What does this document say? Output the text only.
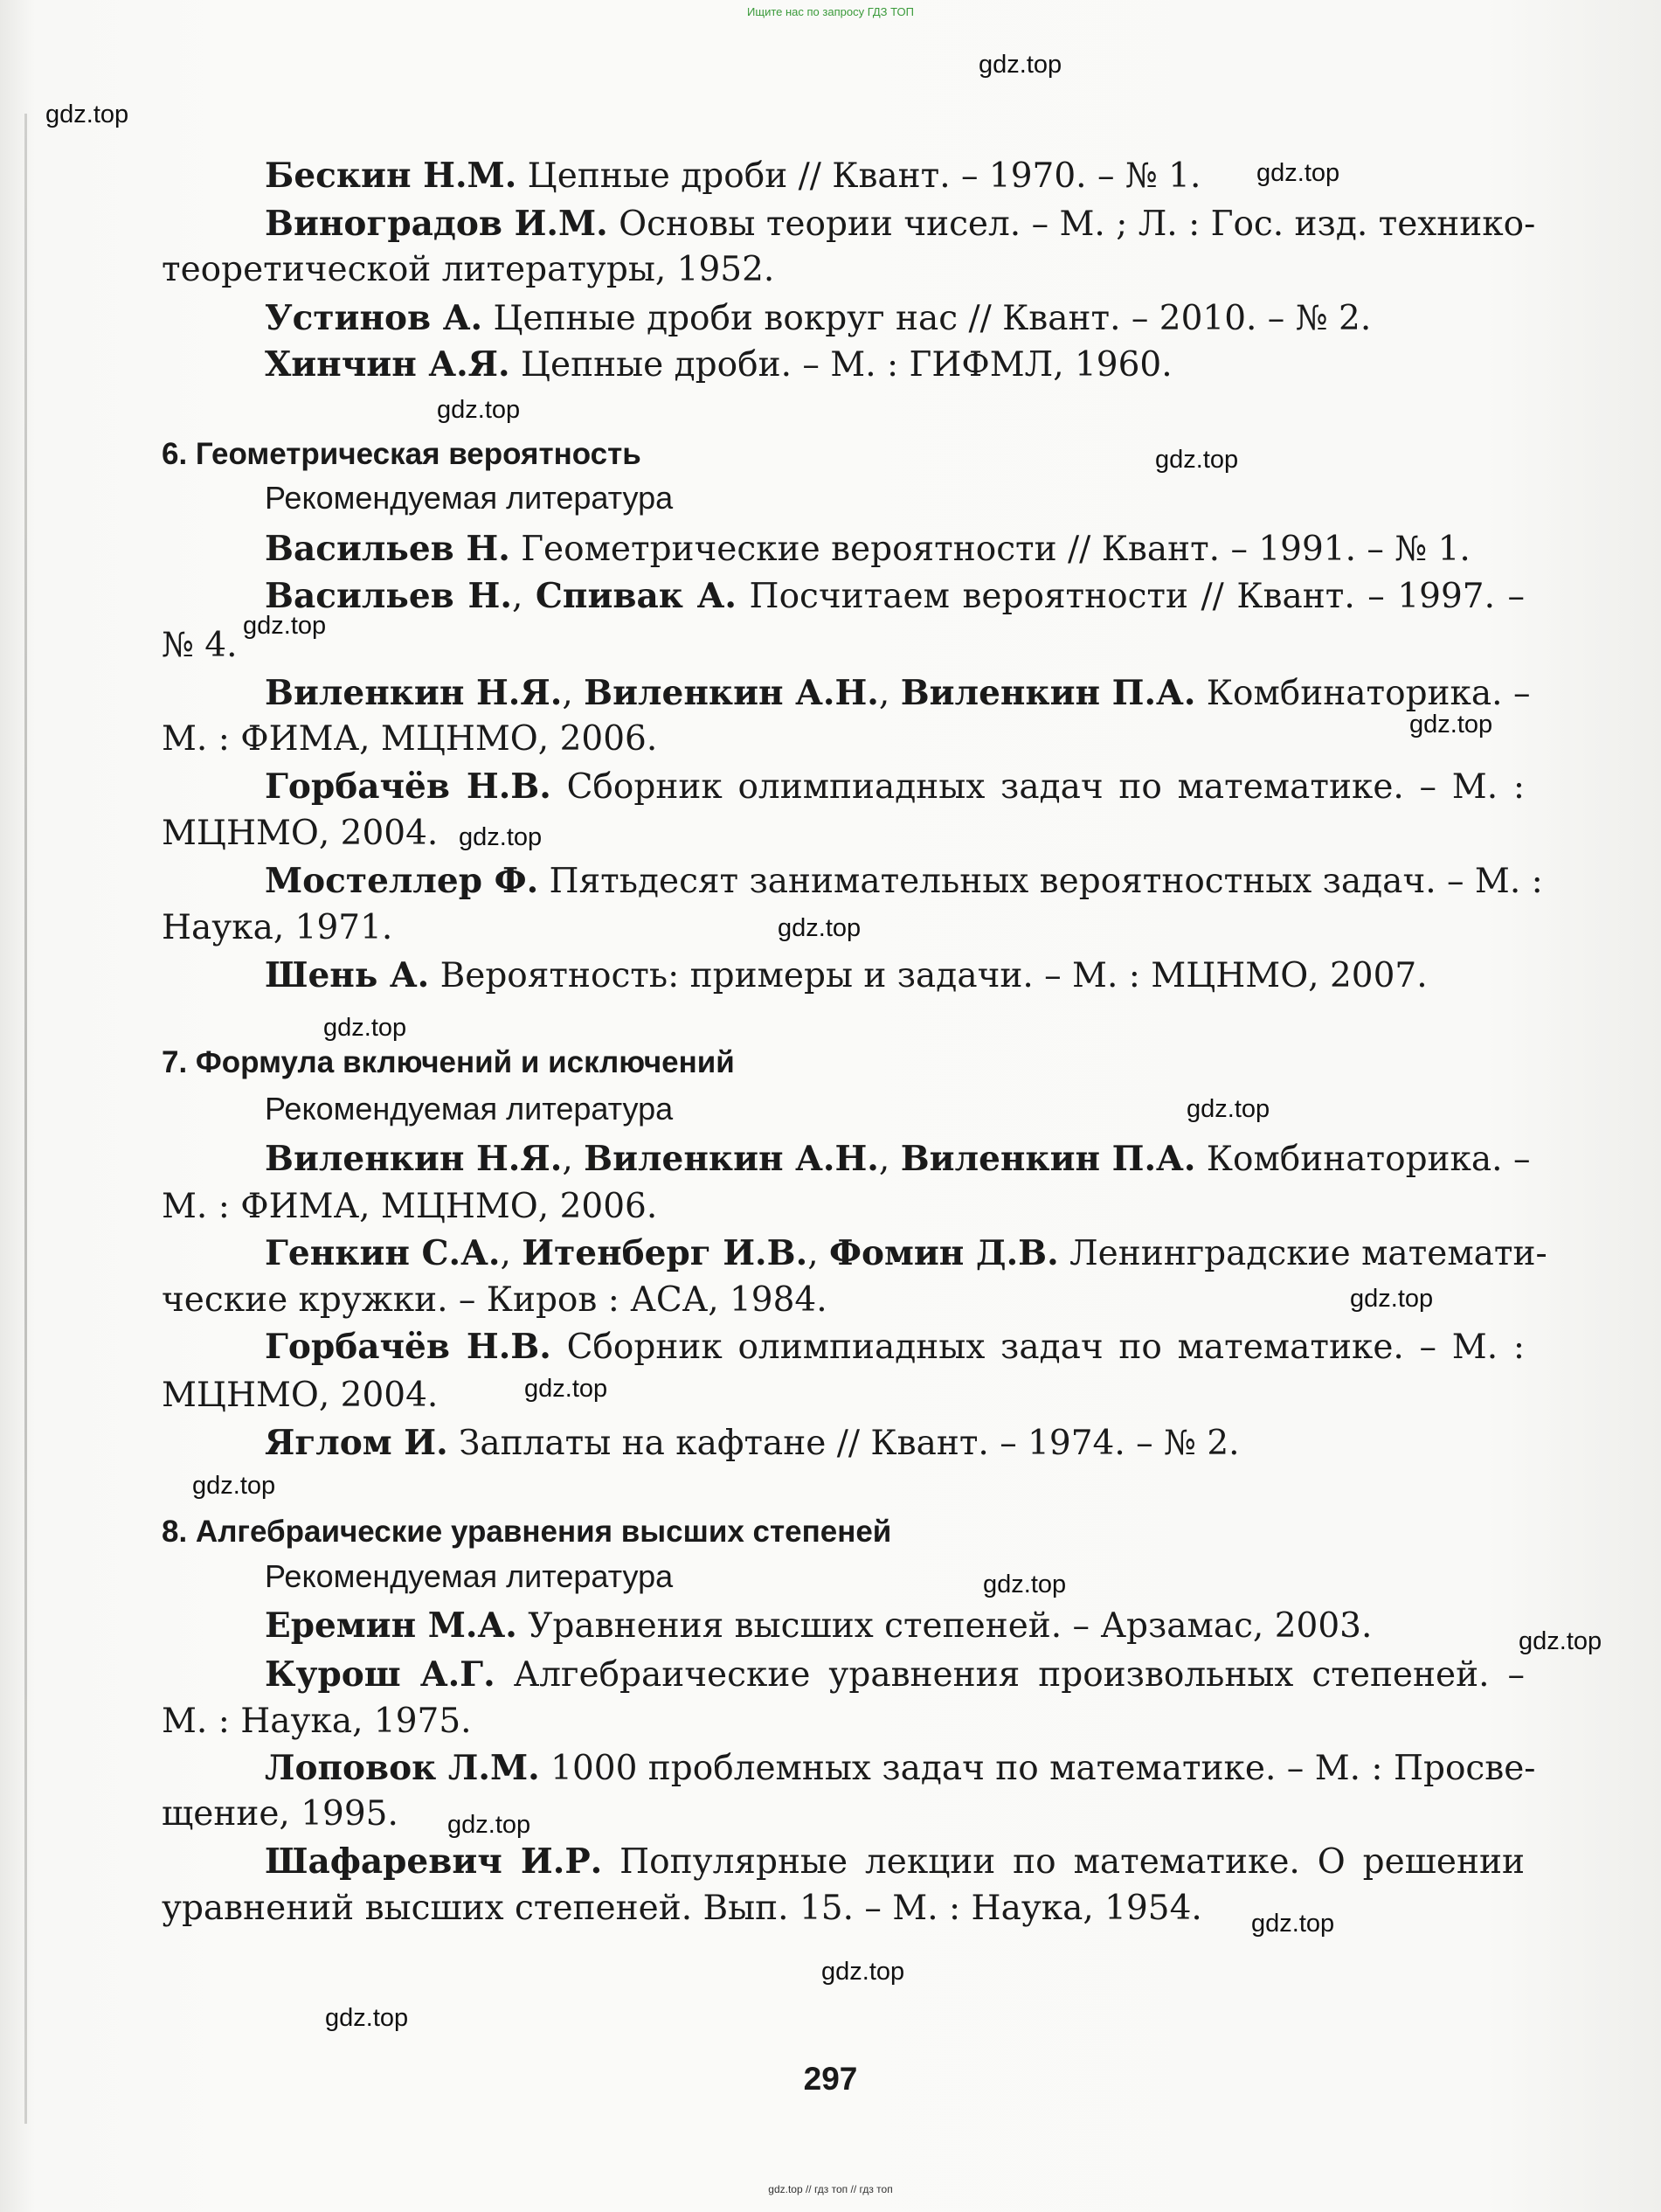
Ищите нас по запросу ГДЗ ТОП
gdz.top
gdz.top
gdz.top
gdz.top
gdz.top
gdz.top
gdz.top
gdz.top
gdz.top
gdz.top
gdz.top
gdz.top
gdz.top
gdz.top
gdz.top
gdz.top
gdz.top
gdz.top
gdz.top
gdz.top
Бескин Н.М. Цепные дроби // Квант. – 1970. – № 1.
Виноградов И.М. Основы теории чисел. – М. ; Л. : Гос. изд. технико-
теоретической литературы, 1952.
Устинов А. Цепные дроби вокруг нас // Квант. – 2010. – № 2.
Хинчин А.Я. Цепные дроби. – М. : ГИФМЛ, 1960.
6. Геометрическая вероятность
Рекомендуемая литература
Васильев Н. Геометрические вероятности // Квант. – 1991. – № 1.
Васильев Н., Спивак А. Посчитаем вероятности // Квант. – 1997. –
№ 4.
Виленкин Н.Я., Виленкин А.Н., Виленкин П.А. Комбинаторика. –
М. : ФИМА, МЦНМО, 2006.
Горбачёв Н.В. Сборник олимпиадных задач по математике. – М. :
МЦНМО, 2004.
Мостеллер Ф. Пятьдесят занимательных вероятностных задач. – М. :
Наука, 1971.
Шень А. Вероятность: примеры и задачи. – М. : МЦНМО, 2007.
7. Формула включений и исключений
Рекомендуемая литература
Виленкин Н.Я., Виленкин А.Н., Виленкин П.А. Комбинаторика. –
М. : ФИМА, МЦНМО, 2006.
Генкин С.А., Итенберг И.В., Фомин Д.В. Ленинградские математи-
ческие кружки. – Киров : АСА, 1984.
Горбачёв Н.В. Сборник олимпиадных задач по математике. – М. :
МЦНМО, 2004.
Яглом И. Заплаты на кафтане // Квант. – 1974. – № 2.
8. Алгебраические уравнения высших степеней
Рекомендуемая литература
Еремин М.А. Уравнения высших степеней. – Арзамас, 2003.
Курош А.Г. Алгебраические уравнения произвольных степеней. –
М. : Наука, 1975.
Лоповок Л.М. 1000 проблемных задач по математике. – М. : Просве-
щение, 1995.
Шафаревич И.Р. Популярные лекции по математике. О решении
уравнений высших степеней. Вып. 15. – М. : Наука, 1954.
297
gdz.top // гдз топ // гдз топ
